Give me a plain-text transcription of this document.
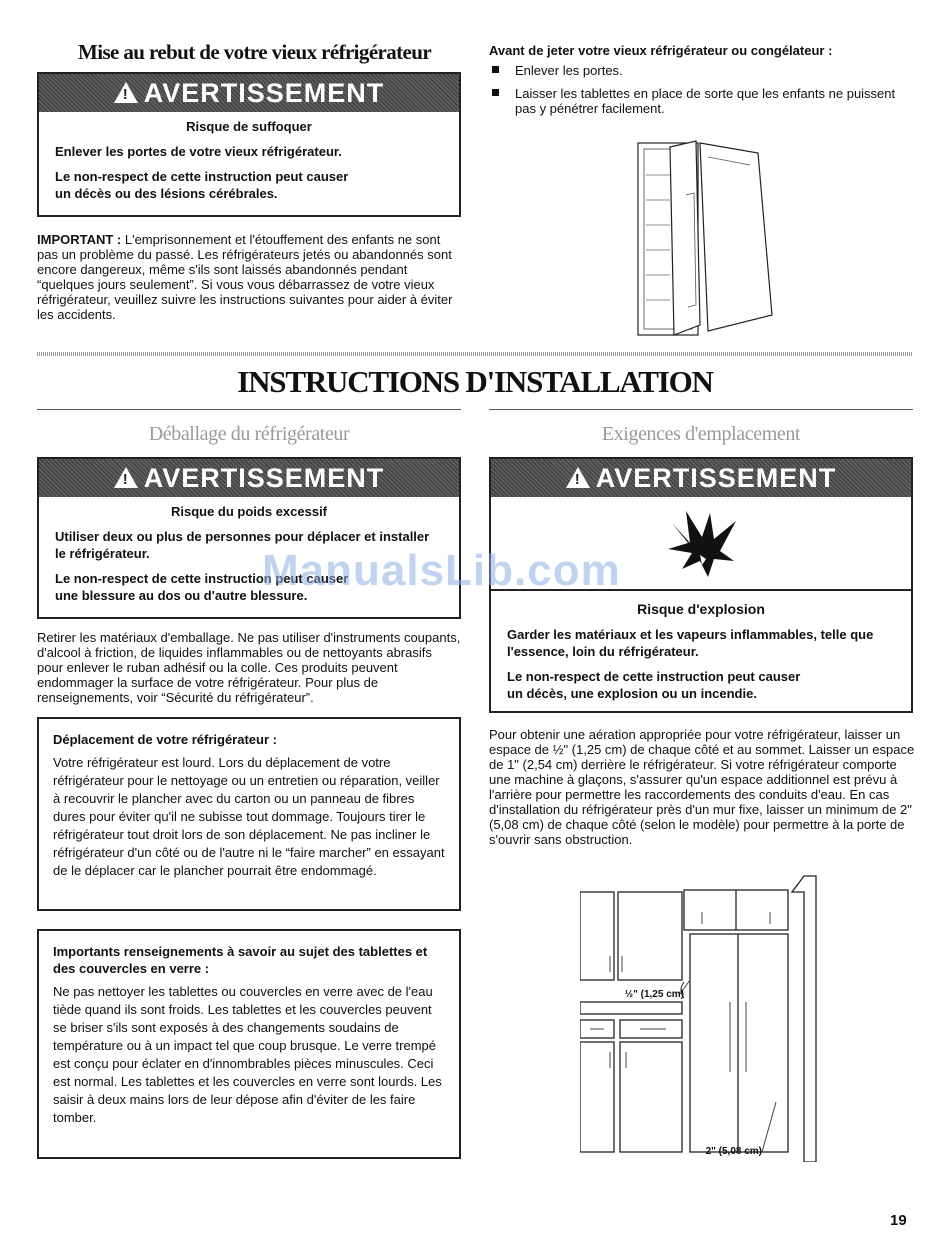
Mise au rebut de votre vieux réfrigérateur
! AVERTISSEMENT
Risque de suffoquer

Enlever les portes de votre vieux réfrigérateur.

Le non-respect de cette instruction peut causer
un décès ou des lésions cérébrales.

IMPORTANT : L'emprisonnement et l'étouffement des enfants ne sont pas un problème du passé. Les réfrigérateurs jetés ou abandonnés sont encore dangereux, même s'ils sont laissés abandonnés pendant “quelques jours seulement”. Si vous vous débarrassez de votre vieux réfrigérateur, veuillez suivre les instructions suivantes pour aider à éviter les accidents.
Avant de jeter votre vieux réfrigérateur ou congélateur :
Enlever les portes.
Laisser les tablettes en place de sorte que les enfants ne puissent pas y pénétrer facilement.
INSTRUCTIONS D'INSTALLATION
Déballage du réfrigérateur	Exigences d'emplacement
! AVERTISSEMENT
Risque du poids excessif

Utiliser deux ou plus de personnes pour déplacer et installer le réfrigérateur.

Le non-respect de cette instruction peut causer
une blessure au dos ou d'autre blessure.

Retirer les matériaux d'emballage. Ne pas utiliser d'instruments coupants, d'alcool à friction, de liquides inflammables ou de nettoyants abrasifs pour enlever le ruban adhésif ou la colle. Ces produits peuvent endommager la surface de votre réfrigérateur. Pour plus de renseignements, voir “Sécurité du réfrigérateur”.
Déplacement de votre réfrigérateur :

Votre réfrigérateur est lourd. Lors du déplacement de votre réfrigérateur pour le nettoyage ou un entretien ou réparation, veiller à recouvrir le plancher avec du carton ou un panneau de fibres dures pour éviter qu'il ne subisse tout dommage. Toujours tirer le réfrigérateur tout droit lors de son déplacement. Ne pas incliner le réfrigérateur d'un côté ou de l'autre ni le “faire marcher” en essayant de le déplacer car le plancher pourrait être endommagé.

Importants renseignements à savoir au sujet des tablettes et des couvercles en verre :

Ne pas nettoyer les tablettes ou couvercles en verre avec de l'eau tiède quand ils sont froids. Les tablettes et les couvercles peuvent se briser s'ils sont exposés à des changements soudains de température ou à un impact tel que coup brusque. Le verre trempé est conçu pour éclater en d'innombrables pièces minuscules. Ceci est normal. Les tablettes et les couvercles en verre sont lourds. Les saisir à deux mains lors de leur dépose afin d'éviter de les faire tomber.

! AVERTISSEMENT
Risque d'explosion

Garder les matériaux et les vapeurs inflammables, telle que l'essence, loin du réfrigérateur.

Le non-respect de cette instruction peut causer
un décès, une explosion ou un incendie.

Pour obtenir une aération appropriée pour votre réfrigérateur, laisser un espace de ½" (1,25 cm) de chaque côté et au sommet. Laisser un espace de 1" (2,54 cm) derrière le réfrigérateur. Si votre réfrigérateur comporte une machine à glaçons, s'assurer qu'un espace additionnel est prévu à l'arrière pour permettre les raccordements des conduits d'eau. En cas d'installation du réfrigérateur près d'un mur fixe, laisser un minimum de 2" (5,08 cm) de chaque côté (selon le modèle) pour permettre à la porte de s'ouvrir sans obstruction.
½" (1,25 cm)
2" (5,08 cm)
ManualsLib.com
19
